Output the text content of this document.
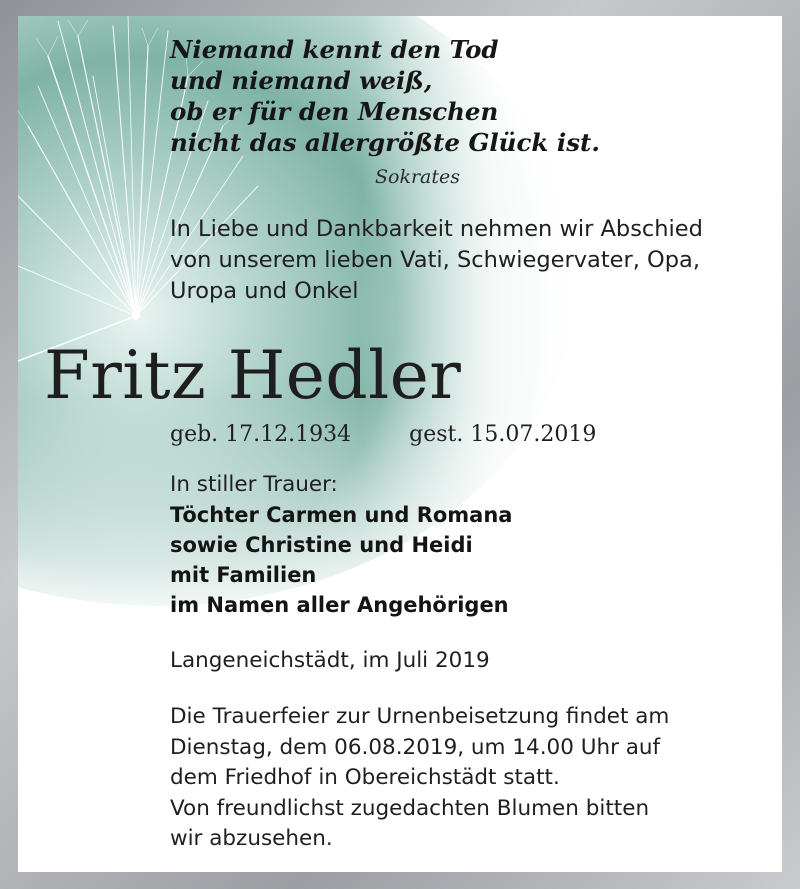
Niemand kennt den Tod
und niemand weiß,
ob er für den Menschen
nicht das allergrößte Glück ist.
Sokrates
In Liebe und Dankbarkeit nehmen wir Abschied
von unserem lieben Vati, Schwiegervater, Opa,
Uropa und Onkel
Fritz Hedler
geb. 17.12.1934	gest. 15.07.2019
In stiller Trauer:
Töchter Carmen und Romana
sowie Christine und Heidi
mit Familien
im Namen aller Angehörigen
Langeneichstädt, im Juli 2019
Die Trauerfeier zur Urnenbeisetzung findet am
Dienstag, dem 06.08.2019, um 14.00 Uhr auf
dem Friedhof in Obereichstädt statt.
Von freundlichst zugedachten Blumen bitten
wir abzusehen.
